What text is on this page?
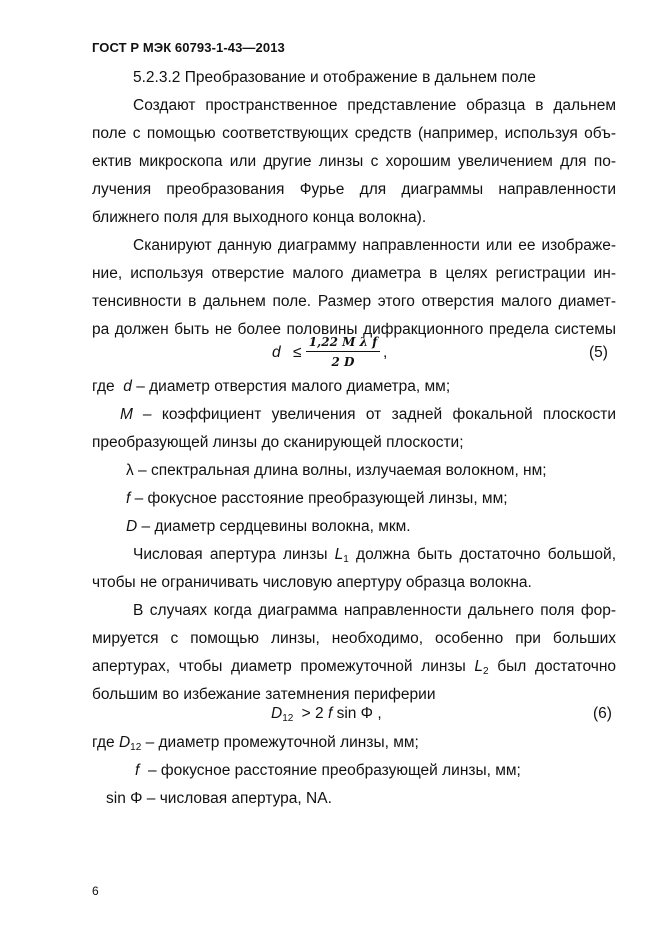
ГОСТ Р МЭК 60793-1-43—2013
5.2.3.2 Преобразование и отображение в дальнем поле
Создают пространственное представление образца в дальнем
поле с помощью соответствующих средств (например, используя объ-
ектив микроскопа или другие линзы с хорошим увеличением для по-
лучения преобразования Фурье для диаграммы направленности
ближнего поля для выходного конца волокна).
Сканируют данную диаграмму направленности или ее изображе-
ние, используя отверстие малого диаметра в целях регистрации ин-
тенсивности в дальнем поле. Размер этого отверстия малого диамет-
ра должен быть не более половины дифракционного предела системы
$d \le \frac{\text{1,22 M λ f}}{2 D}$ ,	(5)
где d – диаметр отверстия малого диаметра, мм;
M – коэффициент увеличения от задней фокальной плоскости
преобразующей линзы до сканирующей плоскости;
λ – спектральная длина волны, излучаемая волокном, нм;
f – фокусное расстояние преобразующей линзы, мм;
D – диаметр сердцевины волокна, мкм.
Числовая апертура линзы $L_1$ должна быть достаточно большой,
чтобы не ограничивать числовую апертуру образца волокна.
В случаях когда диаграмма направленности дальнего поля фор-
мируется с помощью линзы, необходимо, особенно при больших
апертурах, чтобы диаметр промежуточной линзы $L_2$ был достаточно
большим во избежание затемнения периферии
$D_{12} > 2$ f sin Φ ,	(6)
где $D_{12}$ – диаметр промежуточной линзы, мм;
f – фокусное расстояние преобразующей линзы, мм;
sin Φ – числовая апертура, NA.
6
